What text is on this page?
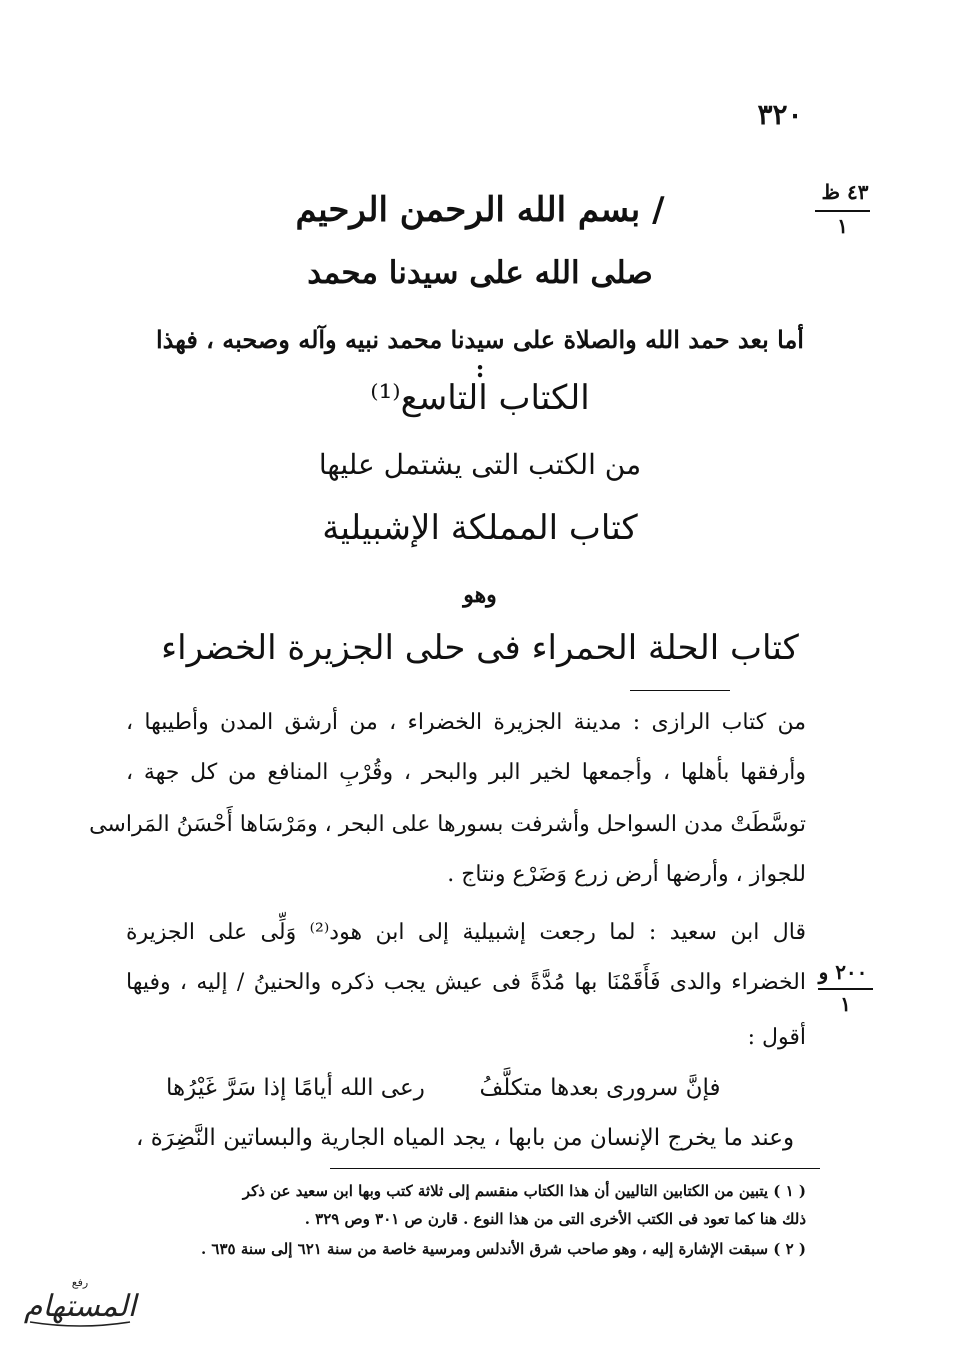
٣٢٠
٤٣ ظ
١
/ بسم الله الرحمن الرحيم
صلى الله على سيدنا محمد
أما بعد حمد الله والصلاة على سيدنا محمد نبيه وآله وصحبه ، فهذا :
الكتاب التاسع⁽¹⁾
من الكتب التى يشتمل عليها
كتاب المملكة الإشبيلية
وهو
كتاب الحلة الحمراء فى حلى الجزيرة الخضراء
من كتاب الرازى : مدينة الجزيرة الخضراء ، من أرشق المدن وأطيبها ،
وأرفقها بأهلها ، وأجمعها لخير البر والبحر ، وقُرْبِ المنافع من كل جهة ،
توسَّطَتْ مدن السواحل وأشرفت بسورها على البحر ، ومَرْسَاها أَحْسَنُ المَراسى
للجواز ، وأرضها أرض زرع وَضَرْع ونتاج .
قال ابن سعيد : لما رجعت إشبيلية إلى ابن هود⁽²⁾ وَلِّى على الجزيرة
الخضراء والدى فَأَقَمْنَا بها مُدَّةً فى عيش يجب ذكره والحنينُ / إليه ، وفيها
أقول :
٢٠٠ و
١
رعى الله أيامًا إذا سَرَّ غَيْرُها فإنَّ سرورى بعدها متكلَّفُ
وعند ما يخرج الإنسان من بابها ، يجد المياه الجارية والبساتين النَّضِرَة ،
( ١ ) يتبين من الكتابين التاليين أن هذا الكتاب منقسم إلى ثلاثة كتب وبها ابن سعيد عن ذكر
ذلك هنا كما تعود فى الكتب الأخرى التى من هذا النوع . قارن ص ٣٠١ وص ٣٢٩ .
( ٢ ) سبقت الإشارة إليه ، وهو صاحب شرق الأندلس ومرسية خاصة من سنة ٦٢١ إلى سنة ٦٣٥ .
رفع
المستهام
